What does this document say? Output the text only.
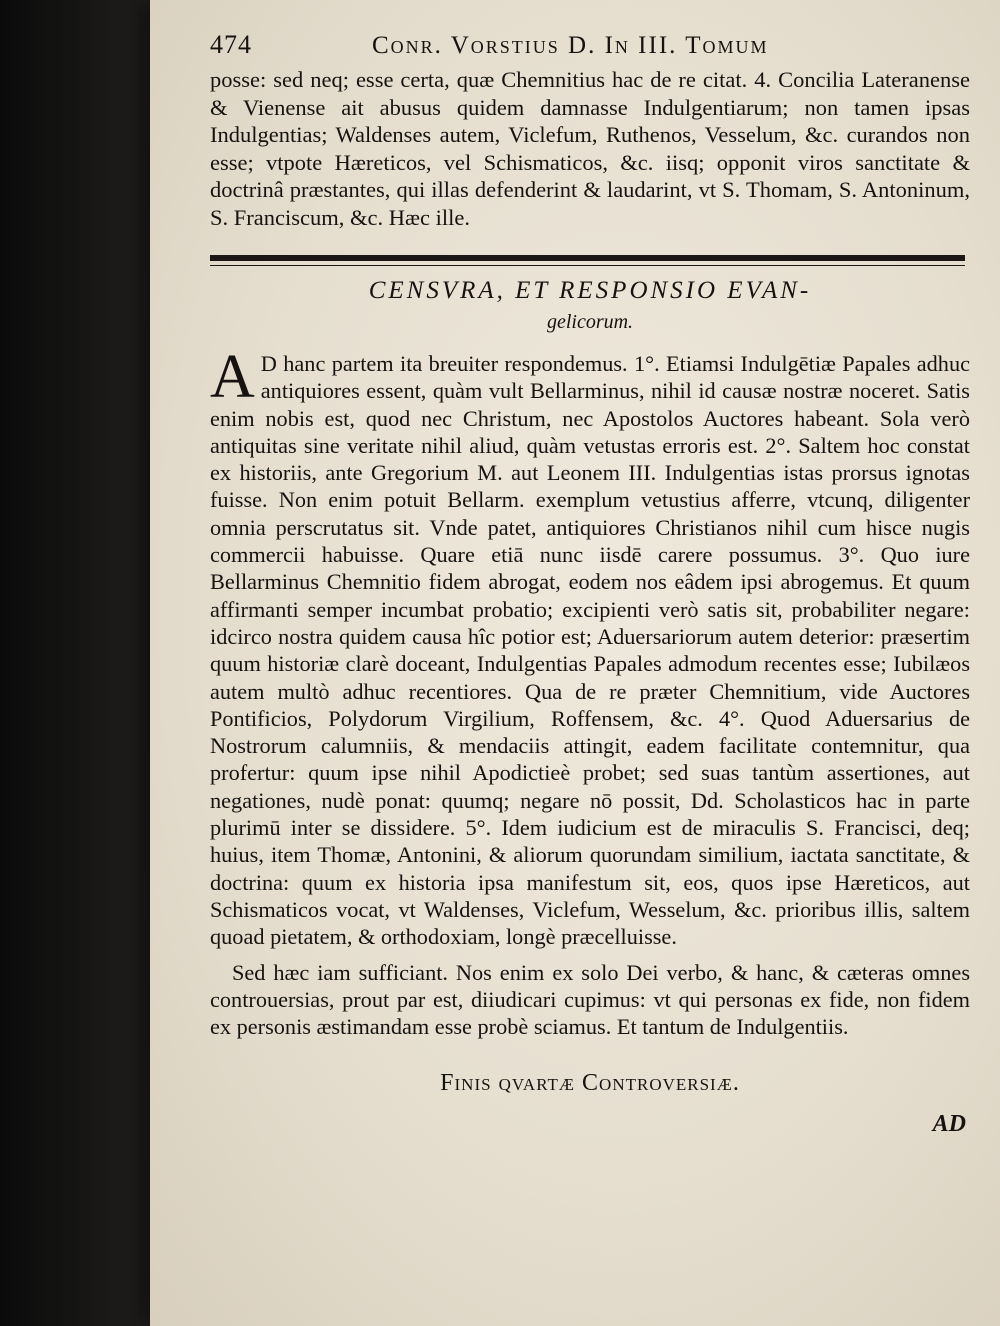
474	Conr. Vorstius D. In III. Tomum

posse: sed neq; esse certa, quæ Chemnitius hac de re citat. 4. Concilia Lateranense & Vienense ait abusus quidem damnasse Indulgentiarum; non tamen ipsas Indulgentias; Waldenses autem, Viclefum, Ruthenos, Vesselum, &c. curandos non esse; vtpote Hæreticos, vel Schismaticos, &c. iisq; opponit viros sanctitate & doctrinâ præstantes, qui illas defenderint & laudarint, vt S. Thomam, S. Antoninum, S. Franciscum, &c. Hæc ille.

CENSVRA, ET RESPONSIO EVAN-
gelicorum.
A D hanc partem ita breuiter respondemus. 1°. Etiamsi Indulgētiæ Papales adhuc antiquiores essent, quàm vult Bellarminus, nihil id causæ nostræ noceret. Satis enim nobis est, quod nec Christum, nec Apostolos Auctores habeant. Sola verò antiquitas sine veritate nihil aliud, quàm vetustas erroris est. 2°. Saltem hoc constat ex historiis, ante Gregorium M. aut Leonem III. Indulgentias istas prorsus ignotas fuisse. Non enim potuit Bellarm. exemplum vetustius afferre, vtcunq, diligenter omnia perscrutatus sit. Vnde patet, antiquiores Christianos nihil cum hisce nugis commercii habuisse. Quare etiā nunc iisdē carere possumus. 3°. Quo iure Bellarminus Chemnitio fidem abrogat, eodem nos eâdem ipsi abrogemus. Et quum affirmanti semper incumbat probatio; excipienti verò satis sit, probabiliter negare: idcirco nostra quidem causa hîc potior est; Aduersariorum autem deterior: præsertim quum historiæ clarè doceant, Indulgentias Papales admodum recentes esse; Iubilæos autem multò adhuc recentiores. Qua de re præter Chemnitium, vide Auctores Pontificios, Polydorum Virgilium, Roffensem, &c. 4°. Quod Aduersarius de Nostrorum calumniis, & mendaciis attingit, eadem facilitate contemnitur, qua profertur: quum ipse nihil Apodictieè probet; sed suas tantùm assertiones, aut negationes, nudè ponat: quumq; negare nō possit, Dd. Scholasticos hac in parte plurimū inter se dissidere. 5°. Idem iudicium est de miraculis S. Francisci, deq; huius, item Thomæ, Antonini, & aliorum quorundam similium, iactata sanctitate, & doctrina: quum ex historia ipsa manifestum sit, eos, quos ipse Hæreticos, aut Schismaticos vocat, vt Waldenses, Viclefum, Wesselum, &c. prioribus illis, saltem quoad pietatem, & orthodoxiam, longè præcelluisse.

Sed hæc iam sufficiant. Nos enim ex solo Dei verbo, & hanc, & cæteras omnes controuersias, prout par est, diiudicari cupimus: vt qui personas ex fide, non fidem ex personis æstimandam esse probè sciamus. Et tantum de Indulgentiis.

Finis qvartæ Controversiæ.
AD
